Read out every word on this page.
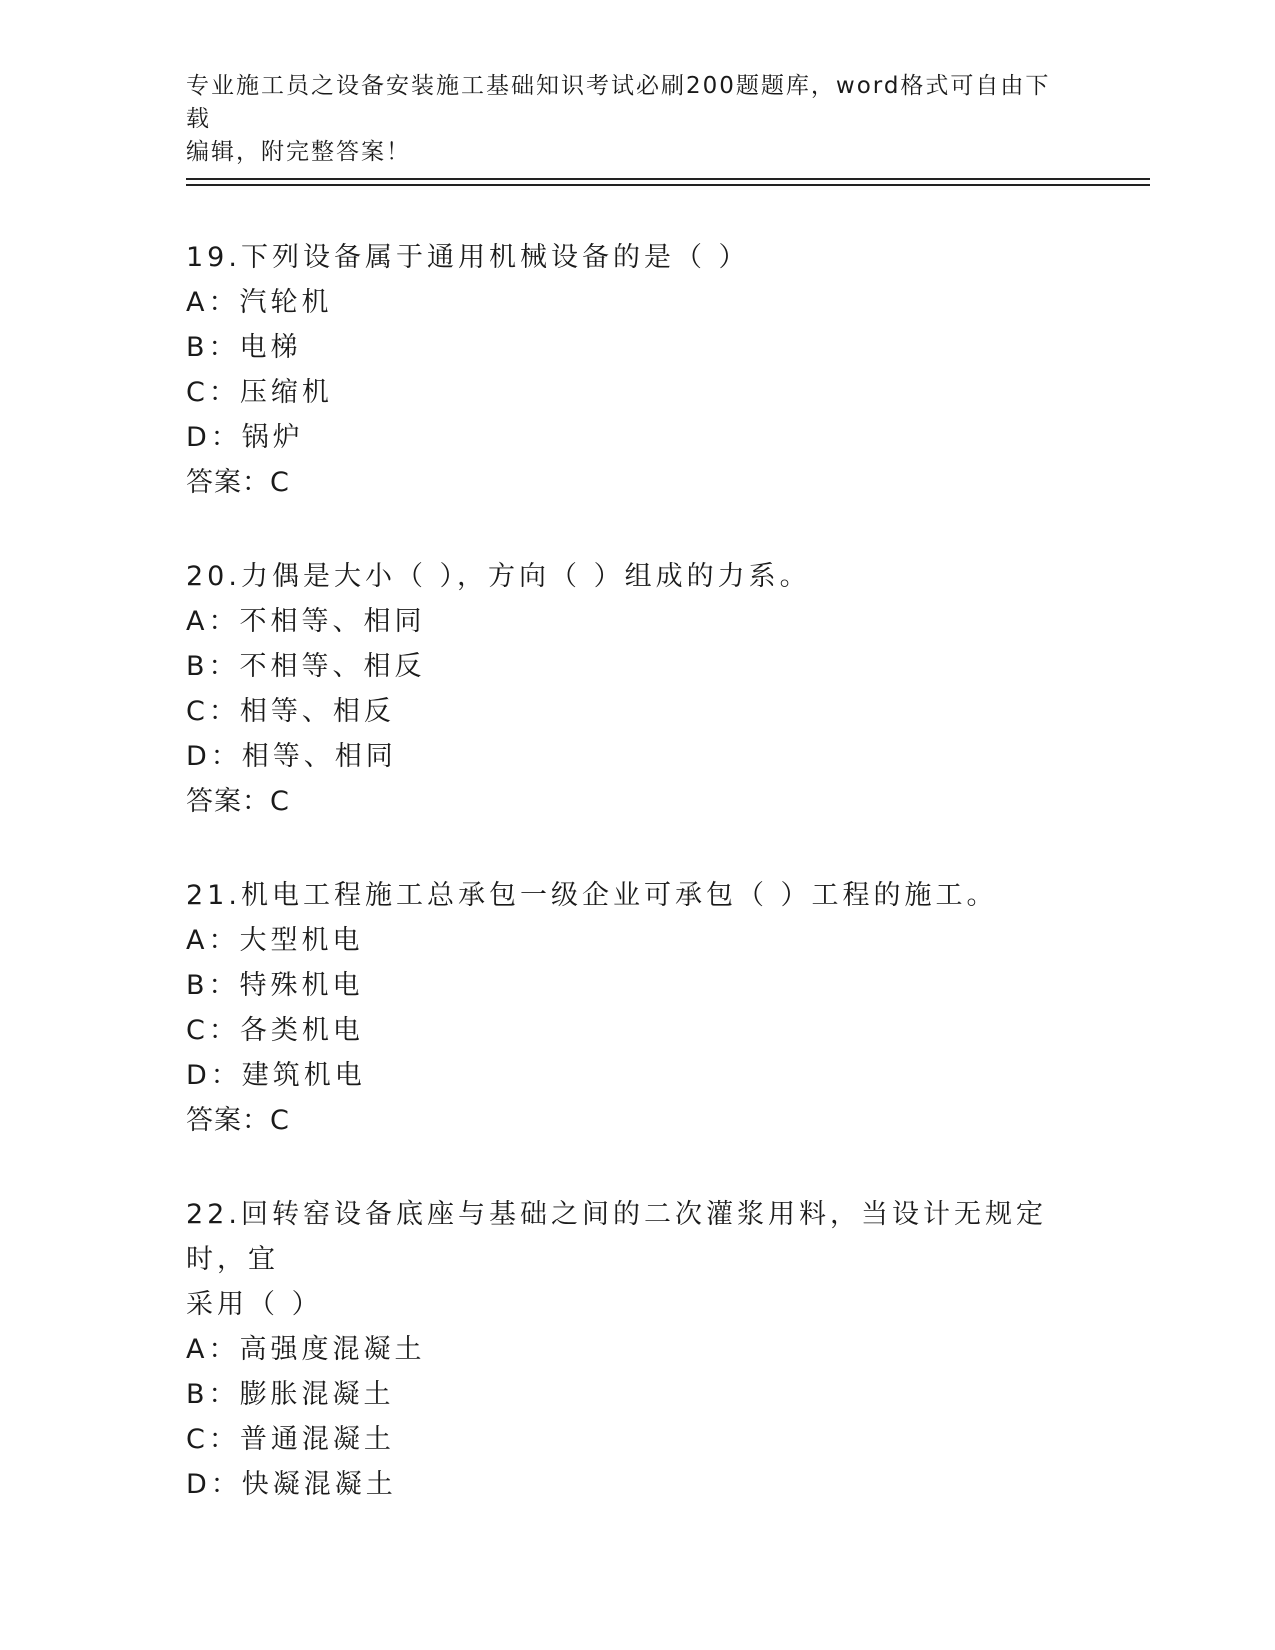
专业施工员之设备安装施工基础知识考试必刷200题题库，word格式可自由下载
编辑，附完整答案！
19.下列设备属于通用机械设备的是（ ）
A：汽轮机
B：电梯
C：压缩机
D：锅炉
答案：C
20.力偶是大小（ ），方向（ ）组成的力系。
A：不相等、相同
B：不相等、相反
C：相等、相反
D：相等、相同
答案：C
21.机电工程施工总承包一级企业可承包（ ）工程的施工。
A：大型机电
B：特殊机电
C：各类机电
D：建筑机电
答案：C
22.回转窑设备底座与基础之间的二次灌浆用料，当设计无规定时，宜
采用（ ）
A：高强度混凝土
B：膨胀混凝土
C：普通混凝土
D：快凝混凝土
